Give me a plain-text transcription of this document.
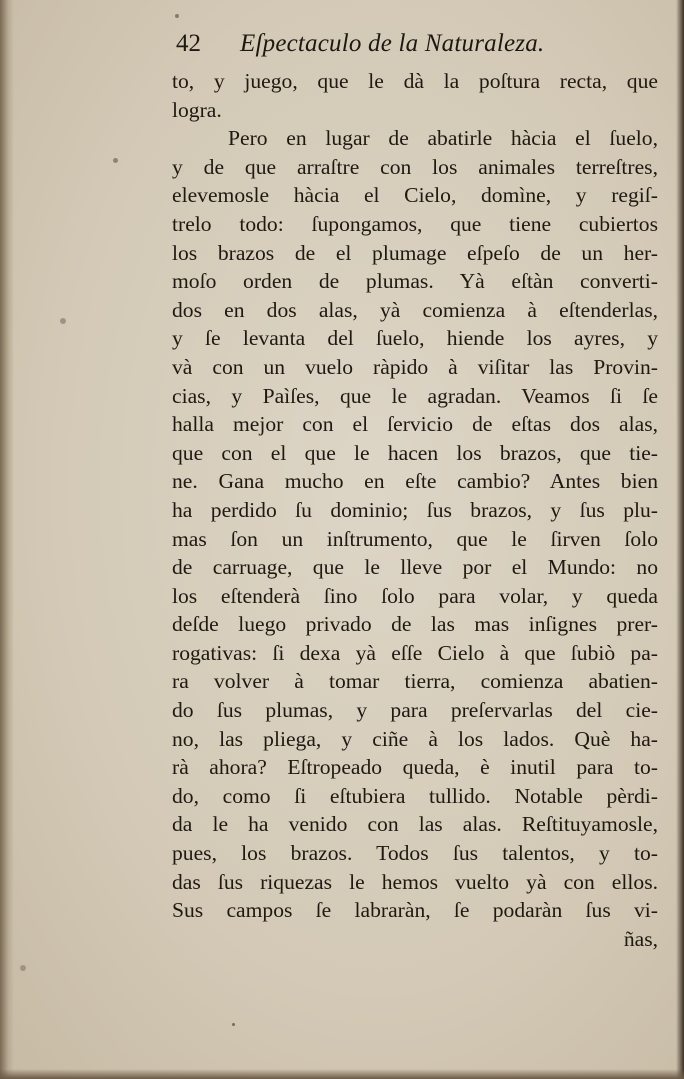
42 Eſpectaculo de la Naturaleza.
to, y juego, que le dà la poſtura recta, que
logra.
Pero en lugar de abatirle hàcia el ſuelo,
y de que arraſtre con los animales terreſtres,
elevemosle hàcia el Cielo, domìne, y regiſ-
trelo todo: ſupongamos, que tiene cubiertos
los brazos de el plumage eſpeſo de un her-
moſo orden de plumas. Yà eſtàn converti-
dos en dos alas, yà comienza à eſtenderlas,
y ſe levanta del ſuelo, hiende los ayres, y
và con un vuelo ràpido à viſitar las Provin-
cias, y Paìſes, que le agradan. Veamos ſi ſe
halla mejor con el ſervicio de eſtas dos alas,
que con el que le hacen los brazos, que tie-
ne. Gana mucho en eſte cambio? Antes bien
ha perdido ſu dominio; ſus brazos, y ſus plu-
mas ſon un inſtrumento, que le ſirven ſolo
de carruage, que le lleve por el Mundo: no
los eſtenderà ſino ſolo para volar, y queda
deſde luego privado de las mas inſignes prer-
rogativas: ſi dexa yà eſſe Cielo à que ſubiò pa-
ra volver à tomar tierra, comienza abatien-
do ſus plumas, y para preſervarlas del cie-
no, las pliega, y ciñe à los lados. Què ha-
rà ahora? Eſtropeado queda, è inutil para to-
do, como ſi eſtubiera tullido. Notable pèrdi-
da le ha venido con las alas. Reſtituyamosle,
pues, los brazos. Todos ſus talentos, y to-
das ſus riquezas le hemos vuelto yà con ellos.
Sus campos ſe labraràn, ſe podaràn ſus vi-
ñas,
